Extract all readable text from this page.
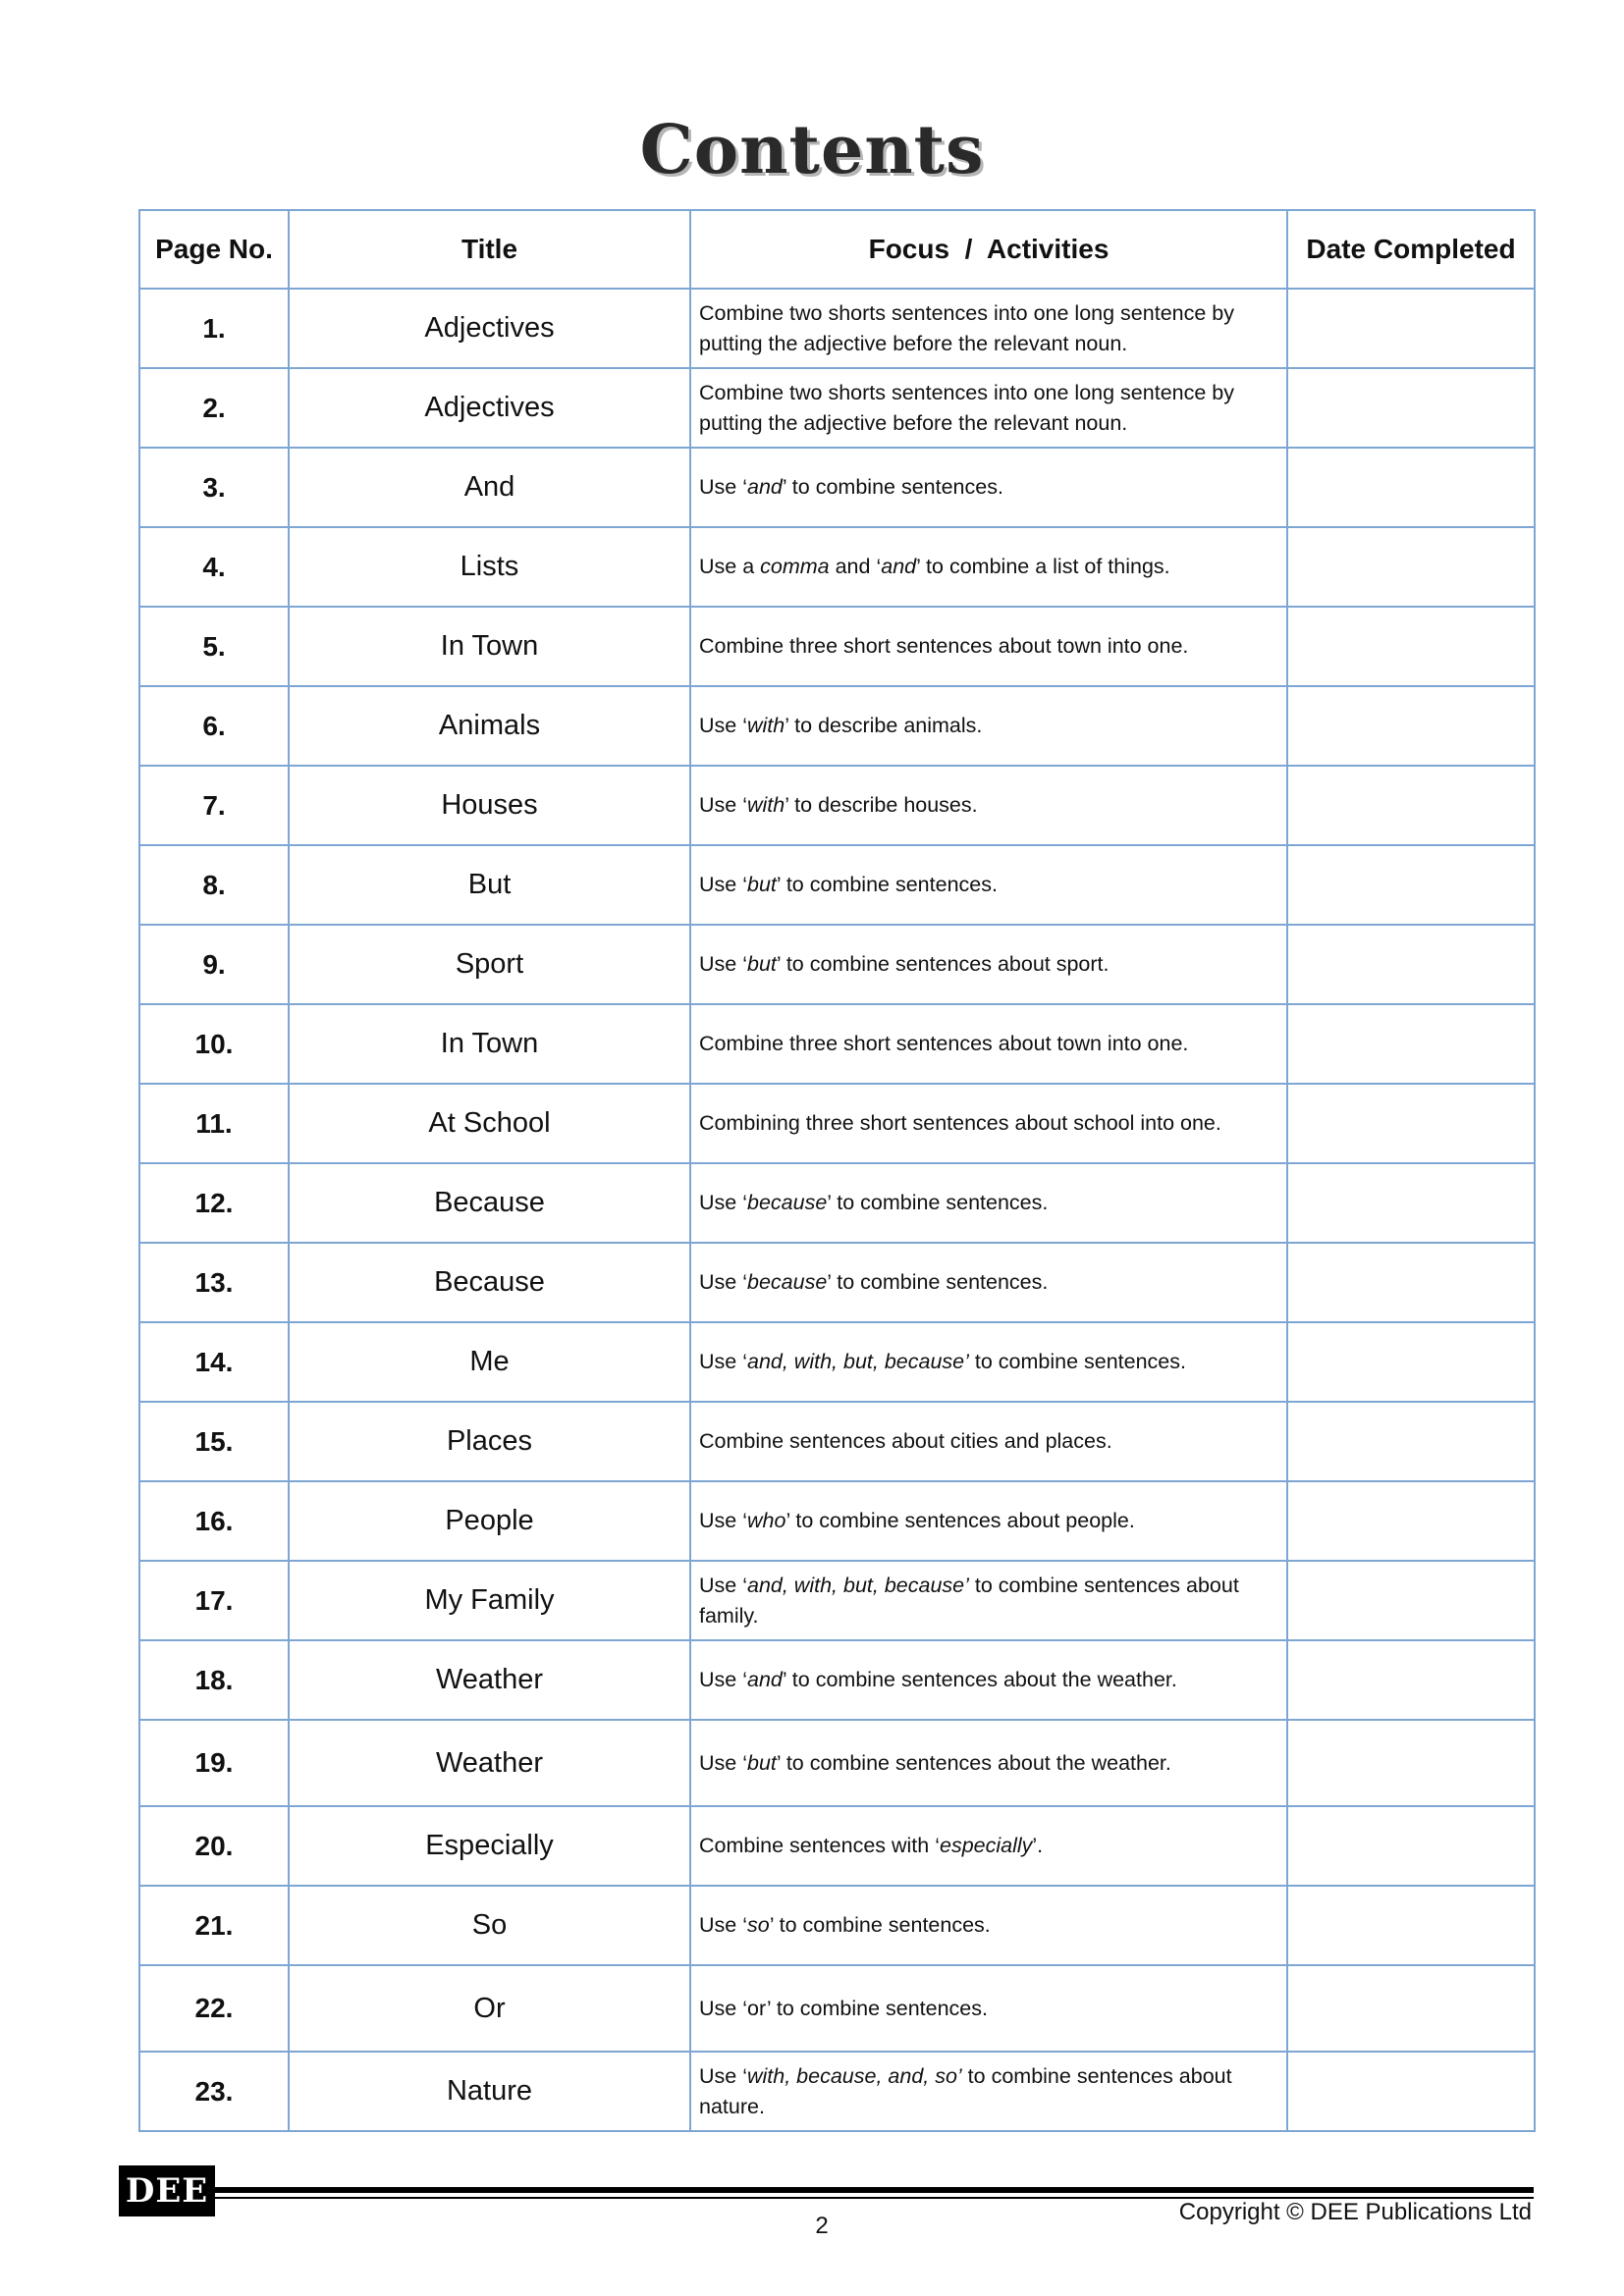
Contents
Page No.	Title	Focus  /  Activities	Date Completed
1.	Adjectives	Combine two shorts sentences into one long sentence by putting the adjective before the relevant noun.	
2.	Adjectives	Combine two shorts sentences into one long sentence by putting the adjective before the relevant noun.	
3.	And	Use ‘and’ to combine sentences.	
4.	Lists	Use a comma and ‘and’ to combine a list of things.	
5.	In Town	Combine three short sentences about town into one.	
6.	Animals	Use ‘with’ to describe animals.	
7.	Houses	Use ‘with’ to describe houses.	
8.	But	Use ‘but’ to combine sentences.	
9.	Sport	Use ‘but’ to combine sentences about sport.	
10.	In Town	Combine three short sentences about town into one.	
11.	At School	Combining three short sentences about school into one.	
12.	Because	Use ‘because’ to combine sentences.	
13.	Because	Use ‘because’ to combine sentences.	
14.	Me	Use ‘and, with, but, because’ to combine sentences.	
15.	Places	Combine sentences about cities and places.	
16.	People	Use ‘who’ to combine sentences about people.	
17.	My Family	Use ‘and, with, but, because’ to combine sentences about family.	
18.	Weather	Use ‘and’ to combine sentences about the weather.	
19.	Weather	Use ‘but’ to combine sentences about the weather.	
20.	Especially	Combine sentences with ‘especially’.	
21.	So	Use ‘so’ to combine sentences.	
22.	Or	Use ‘or’ to combine sentences.	
23.	Nature	Use ‘with, because, and, so’ to combine sentences about nature.	
DEE
2
Copyright © DEE Publications Ltd
